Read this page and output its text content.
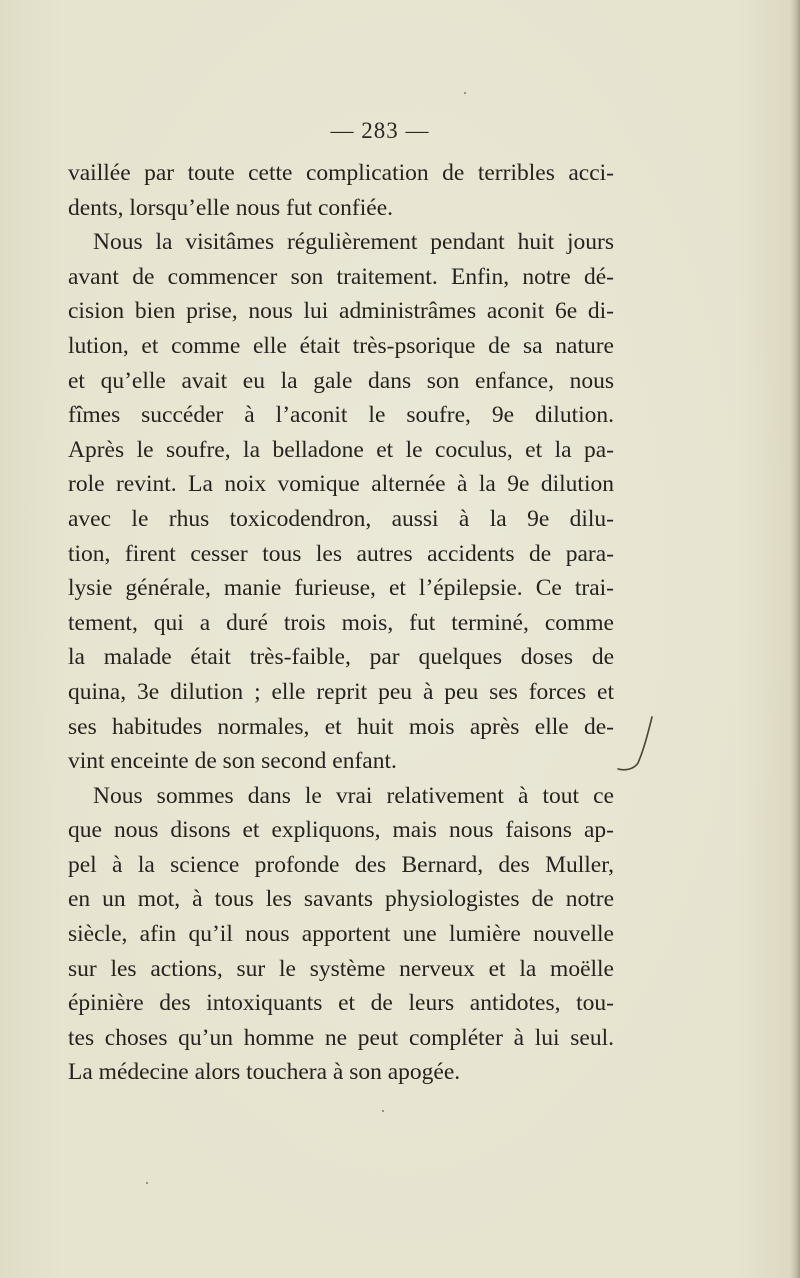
— 283 —
vaillée par toute cette complication de terribles acci-
dents, lorsqu’elle nous fut confiée.
Nous la visitâmes régulièrement pendant huit jours
avant de commencer son traitement. Enfin, notre dé-
cision bien prise, nous lui administrâmes aconit 6e di-
lution, et comme elle était très-psorique de sa nature
et qu’elle avait eu la gale dans son enfance, nous
fîmes succéder à l’aconit le soufre, 9e dilution.
Après le soufre, la belladone et le coculus, et la pa-
role revint. La noix vomique alternée à la 9e dilution
avec le rhus toxicodendron, aussi à la 9e dilu-
tion, firent cesser tous les autres accidents de para-
lysie générale, manie furieuse, et l’épilepsie. Ce trai-
tement, qui a duré trois mois, fut terminé, comme
la malade était très-faible, par quelques doses de
quina, 3e dilution ; elle reprit peu à peu ses forces et
ses habitudes normales, et huit mois après elle de-
vint enceinte de son second enfant.
Nous sommes dans le vrai relativement à tout ce
que nous disons et expliquons, mais nous faisons ap-
pel à la science profonde des Bernard, des Muller,
en un mot, à tous les savants physiologistes de notre
siècle, afin qu’il nous apportent une lumière nouvelle
sur les actions, sur le système nerveux et la moëlle
épinière des intoxiquants et de leurs antidotes, tou-
tes choses qu’un homme ne peut compléter à lui seul.
La médecine alors touchera à son apogée.
